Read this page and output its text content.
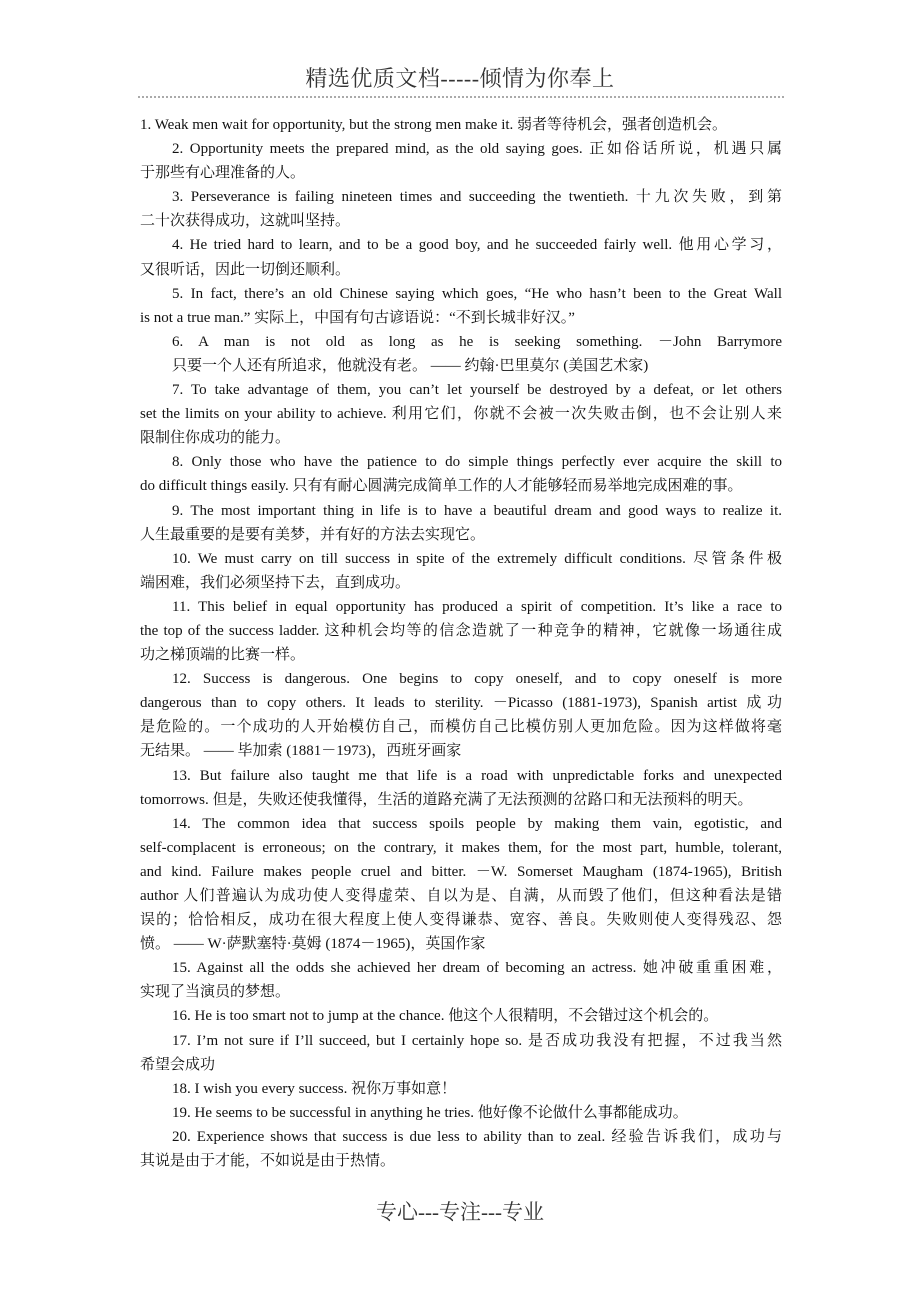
精选优质文档-----倾情为你奉上
1. Weak men wait for opportunity, but the strong men make it. 弱者等待机会，强者创造机会。
2. Opportunity meets the prepared mind, as the old saying goes. 正如俗话所说，机遇只属
于那些有心理准备的人。
3. Perseverance is failing nineteen times and succeeding the twentieth. 十九次失败，到第
二十次获得成功，这就叫坚持。
4. He tried hard to learn, and to be a good boy, and he succeeded fairly well. 他用心学习，
又很听话，因此一切倒还顺利。
5. In fact, there’s an old Chinese saying which goes, “He who hasn’t been to the Great Wall
is not a true man.” 实际上，中国有句古谚语说：“不到长城非好汉。”
6. A man is not old as long as he is seeking something. －John Barrymore
只要一个人还有所追求，他就没有老。 —— 约翰·巴里莫尔 (美国艺术家)
7. To take advantage of them, you can’t let yourself be destroyed by a defeat, or let others
set the limits on your ability to achieve. 利用它们，你就不会被一次失败击倒，也不会让别人来
限制住你成功的能力。
8. Only those who have the patience to do simple things perfectly ever acquire the skill to
do difficult things easily. 只有有耐心圆满完成简单工作的人才能够轻而易举地完成困难的事。
9. The most important thing in life is to have a beautiful dream and good ways to realize it.
人生最重要的是要有美梦，并有好的方法去实现它。
10. We must carry on till success in spite of the extremely difficult conditions. 尽管条件极
端困难，我们必须坚持下去，直到成功。
11. This belief in equal opportunity has produced a spirit of competition. It’s like a race to
the top of the success ladder. 这种机会均等的信念造就了一种竞争的精神，它就像一场通往成
功之梯顶端的比赛一样。
12. Success is dangerous. One begins to copy oneself, and to copy oneself is more
dangerous than to copy others. It leads to sterility. －Picasso (1881-1973), Spanish artist 成功
是危险的。一个成功的人开始模仿自己，而模仿自己比模仿别人更加危险。因为这样做将毫
无结果。 —— 毕加索 (1881－1973)，西班牙画家
13. But failure also taught me that life is a road with unpredictable forks and unexpected
tomorrows. 但是，失败还使我懂得，生活的道路充满了无法预测的岔路口和无法预料的明天。
14. The common idea that success spoils people by making them vain, egotistic, and
self-complacent is erroneous; on the contrary, it makes them, for the most part, humble, tolerant,
and kind. Failure makes people cruel and bitter. －W. Somerset Maugham (1874-1965), British
author 人们普遍认为成功使人变得虚荣、自以为是、自满，从而毁了他们，但这种看法是错
误的；恰恰相反，成功在很大程度上使人变得谦恭、宽容、善良。失败则使人变得残忍、怨
愤。 —— W·萨默塞特·莫姆 (1874－1965)，英国作家
15. Against all the odds she achieved her dream of becoming an actress. 她冲破重重困难，
实现了当演员的梦想。
16. He is too smart not to jump at the chance. 他这个人很精明，不会错过这个机会的。
17. I’m not sure if I’ll succeed, but I certainly hope so. 是否成功我没有把握，不过我当然
希望会成功
18. I wish you every success. 祝你万事如意！
19. He seems to be successful in anything he tries. 他好像不论做什么事都能成功。
20. Experience shows that success is due less to ability than to zeal. 经验告诉我们，成功与
其说是由于才能，不如说是由于热情。
专心---专注---专业
